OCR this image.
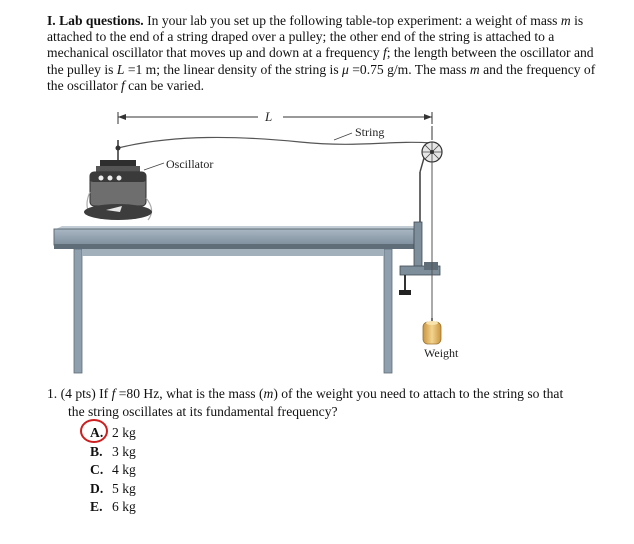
I. Lab questions. In your lab you set up the following table-top experiment: a weight of mass m is attached to the end of a string draped over a pulley; the other end of the string is attached to a mechanical oscillator that moves up and down at a frequency f; the length between the oscillator and the pulley is L =1 m; the linear density of the string is μ =0.75 g/m. The mass m and the frequency of the oscillator f can be varied.
L
String
Oscillator
Weight
1. (4 pts) If f =80 Hz, what is the mass (m) of the weight you need to attach to the string so that
the string oscillates at its fundamental frequency?
A. 2 kg
B. 3 kg
C. 4 kg
D. 5 kg
E. 6 kg
